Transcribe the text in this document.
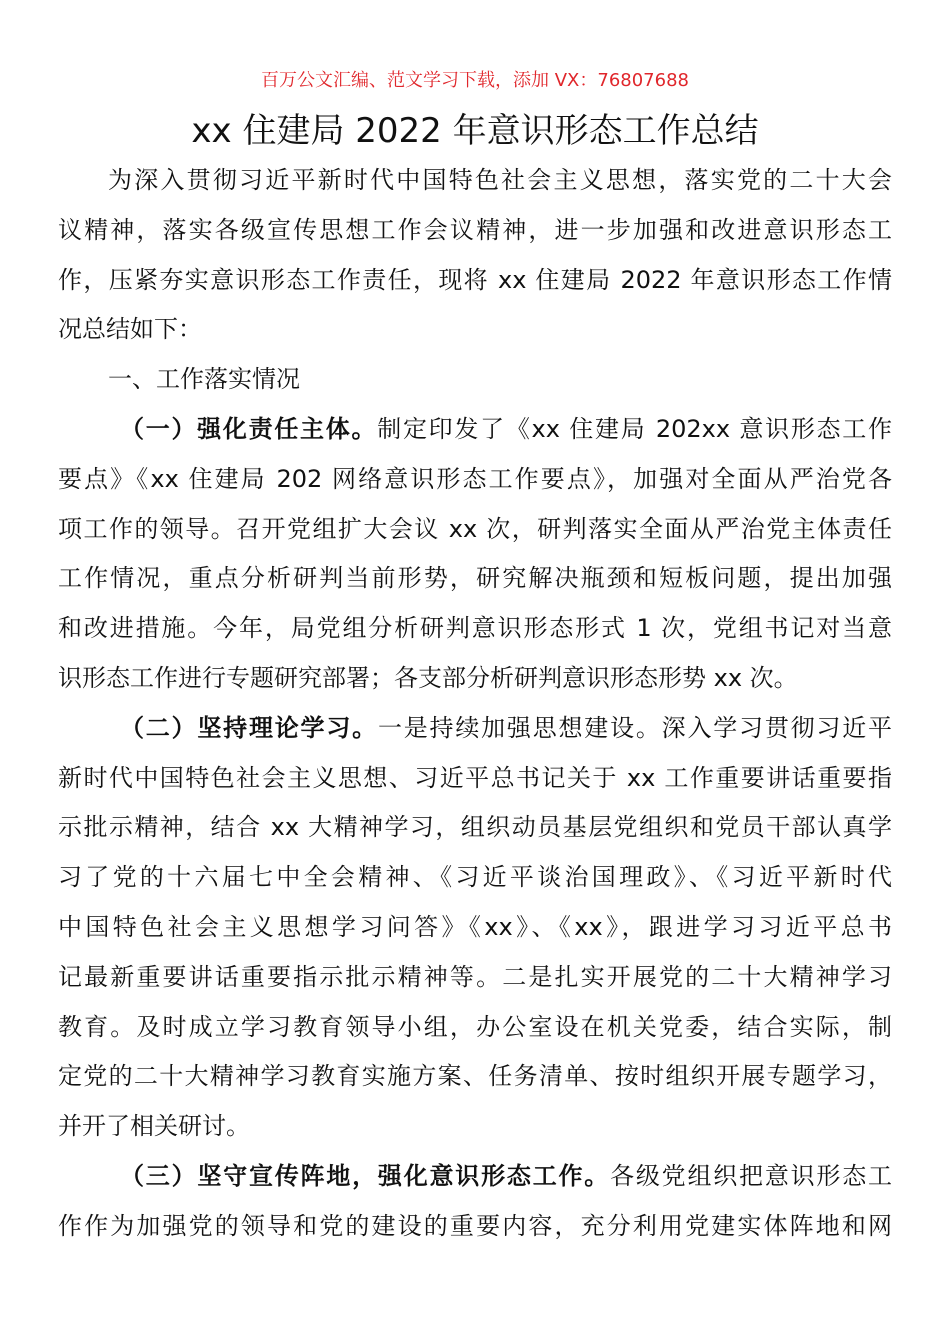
百万公文汇编、范文学习下载，添加 VX：76807688
xx 住建局 2022 年意识形态工作总结
为深入贯彻习近平新时代中国特色社会主义思想，落实党的二十大会
议精神，落实各级宣传思想工作会议精神，进一步加强和改进意识形态工
作，压紧夯实意识形态工作责任，现将 xx 住建局 2022 年意识形态工作情
况总结如下：
一、工作落实情况
（一）强化责任主体。制定印发了《xx 住建局 202xx 意识形态工作
要点》《xx 住建局 202 网络意识形态工作要点》，加强对全面从严治党各
项工作的领导。召开党组扩大会议 xx 次，研判落实全面从严治党主体责任
工作情况，重点分析研判当前形势，研究解决瓶颈和短板问题，提出加强
和改进措施。今年，局党组分析研判意识形态形式 1 次，党组书记对当意
识形态工作进行专题研究部署；各支部分析研判意识形态形势 xx 次。
（二）坚持理论学习。一是持续加强思想建设。深入学习贯彻习近平
新时代中国特色社会主义思想、习近平总书记关于 xx 工作重要讲话重要指
示批示精神，结合 xx 大精神学习，组织动员基层党组织和党员干部认真学
习了党的十六届七中全会精神、《习近平谈治国理政》、《习近平新时代
中国特色社会主义思想学习问答》《xx》、《xx》，跟进学习习近平总书
记最新重要讲话重要指示批示精神等。二是扎实开展党的二十大精神学习
教育。及时成立学习教育领导小组，办公室设在机关党委，结合实际，制
定党的二十大精神学习教育实施方案、任务清单、按时组织开展专题学习，
并开了相关研讨。
（三）坚守宣传阵地，强化意识形态工作。各级党组织把意识形态工
作作为加强党的领导和党的建设的重要内容，充分利用党建实体阵地和网
